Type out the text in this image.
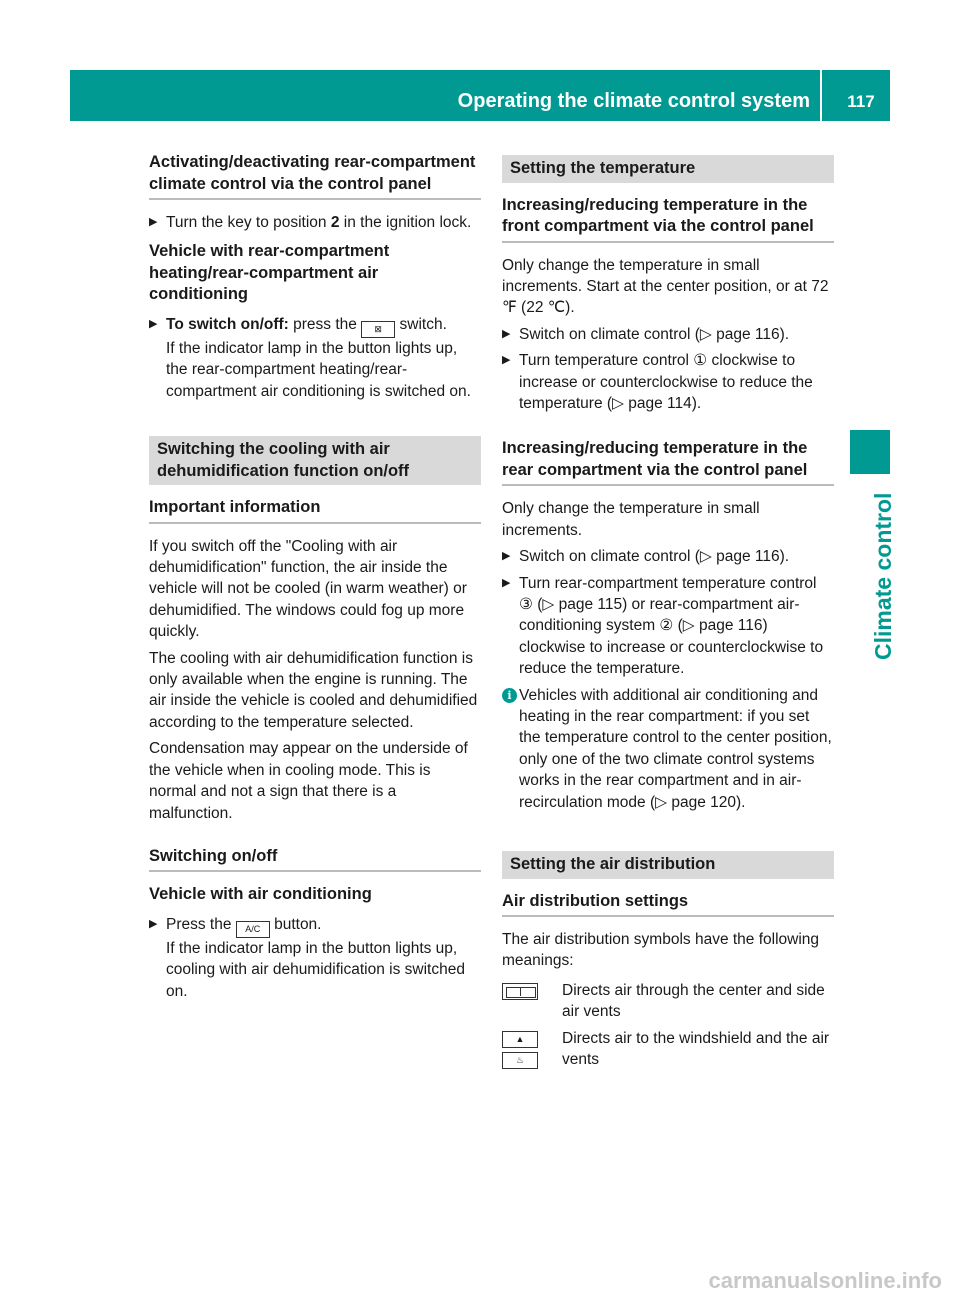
Operating the climate control system	117
Climate control
Activating/deactivating rear-compartment climate control via the control panel
▶ Turn the key to position 2 in the ignition lock.
Vehicle with rear-compartment heating/rear-compartment air conditioning
▶ To switch on/off: press the ⊠ switch.
If the indicator lamp in the button lights up, the rear-compartment heating/rear-compartment air conditioning is switched on.
Switching the cooling with air dehumidification function on/off
Important information

If you switch off the "Cooling with air dehumidification" function, the air inside the vehicle will not be cooled (in warm weather) or dehumidified. The windows could fog up more quickly.

The cooling with air dehumidification function is only available when the engine is running. The air inside the vehicle is cooled and dehumidified according to the temperature selected.

Condensation may appear on the underside of the vehicle when in cooling mode. This is normal and not a sign that there is a malfunction.

Switching on/off
Vehicle with air conditioning
▶ Press the A/C button.
If the indicator lamp in the button lights up, cooling with air dehumidification is switched on.
Setting the temperature
Increasing/reducing temperature in the front compartment via the control panel

Only change the temperature in small increments. Start at the center position, or at 72 ℉ (22 ℃).

▶ Switch on climate control (▷ page 116).
▶ Turn temperature control ① clockwise to increase or counterclockwise to reduce the temperature (▷ page 114).
Increasing/reducing temperature in the rear compartment via the control panel

Only change the temperature in small increments.

▶ Switch on climate control (▷ page 116).
▶ Turn rear-compartment temperature control ③ (▷ page 115) or rear-compartment air-conditioning system ② (▷ page 116) clockwise to increase or counterclockwise to reduce the temperature.
i Vehicles with additional air conditioning and heating in the rear compartment: if you set the temperature control to the center position, only one of the two climate control systems works in the rear compartment and in air-recirculation mode (▷ page 120).
Setting the air distribution
Air distribution settings

The air distribution symbols have the following meanings:

Directs air through the center and side air vents
▲
♨
Directs air to the windshield and the air vents
carmanualsonline.info
